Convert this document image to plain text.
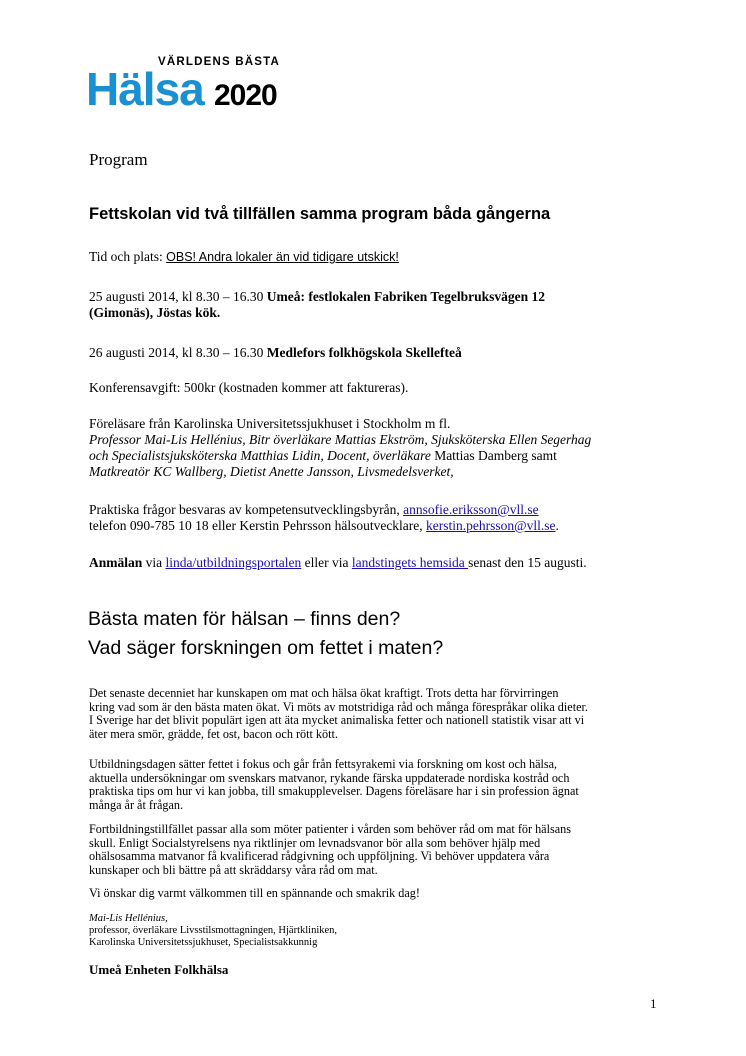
VÄRLDENS BÄSTA
Hälsa 2020
Program
Fettskolan vid två tillfällen samma program båda gångerna
Tid och plats: OBS! Andra lokaler än vid tidigare utskick!
25 augusti 2014, kl 8.30 – 16.30 Umeå: festlokalen Fabriken Tegelbruksvägen 12
(Gimonäs), Jöstas kök.
26 augusti 2014, kl 8.30 – 16.30 Medlefors folkhögskola Skellefteå
Konferensavgift: 500kr (kostnaden kommer att faktureras).
Föreläsare från Karolinska Universitetssjukhuset i Stockholm m fl.
Professor Mai-Lis Hellénius, Bitr överläkare Mattias Ekström, Sjuksköterska Ellen Segerhag
och Specialistsjuksköterska Matthias Lidin, Docent, överläkare Mattias Damberg samt
Matkreatör KC Wallberg, Dietist Anette Jansson, Livsmedelsverket,
Praktiska frågor besvaras av kompetensutvecklingsbyrån, annsofie.eriksson@vll.se
telefon 090-785 10 18 eller Kerstin Pehrsson hälsoutvecklare, kerstin.pehrsson@vll.se.
Anmälan via linda/utbildningsportalen eller via landstingets hemsida senast den 15 augusti.
Bästa maten för hälsan – finns den?
Vad säger forskningen om fettet i maten?
Det senaste decenniet har kunskapen om mat och hälsa ökat kraftigt. Trots detta har förvirringen
kring vad som är den bästa maten ökat. Vi möts av motstridiga råd och många förespråkar olika dieter.
I Sverige har det blivit populärt igen att äta mycket animaliska fetter och nationell statistik visar att vi
äter mera smör, grädde, fet ost, bacon och rött kött.
Utbildningsdagen sätter fettet i fokus och går från fettsyrakemi via forskning om kost och hälsa,
aktuella undersökningar om svenskars matvanor, rykande färska uppdaterade nordiska kostråd och
praktiska tips om hur vi kan jobba, till smakupplevelser. Dagens föreläsare har i sin profession ägnat
många år åt frågan.
Fortbildningstillfället passar alla som möter patienter i vården som behöver råd om mat för hälsans
skull. Enligt Socialstyrelsens nya riktlinjer om levnadsvanor bör alla som behöver hjälp med
ohälsosamma matvanor få kvalificerad rådgivning och uppföljning. Vi behöver uppdatera våra
kunskaper och bli bättre på att skräddarsy våra råd om mat.
Vi önskar dig varmt välkommen till en spännande och smakrik dag!
Mai-Lis Hellénius,
professor, överläkare Livsstilsmottagningen, Hjärtkliniken,
Karolinska Universitetssjukhuset, Specialistsakkunnig
Umeå Enheten Folkhälsa
1
